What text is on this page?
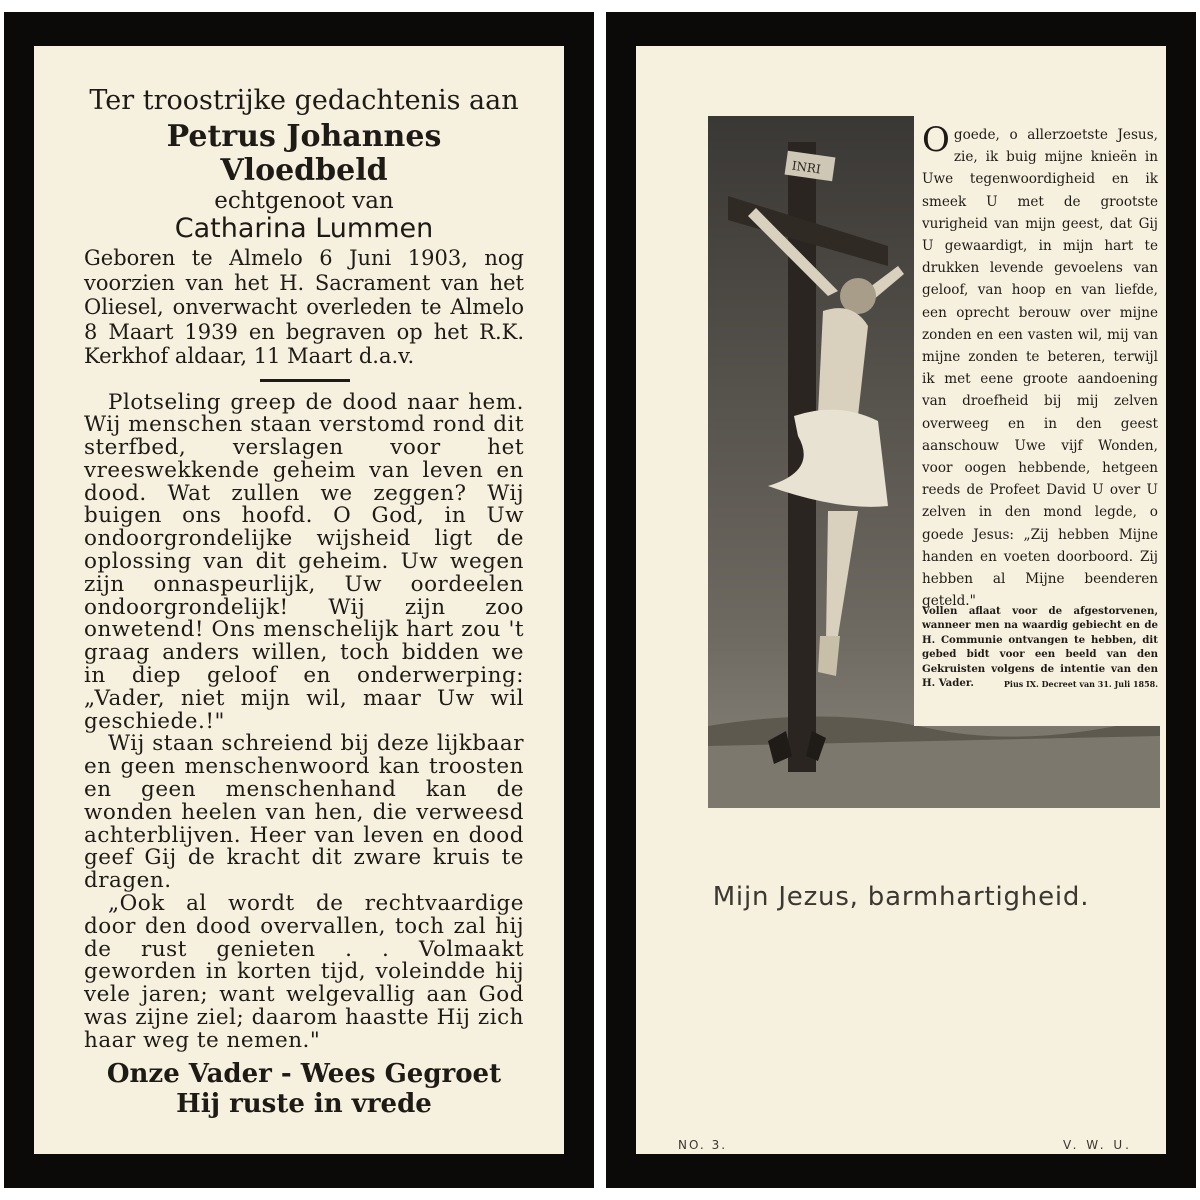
Ter troostrijke gedachtenis aan

Petrus Johannes Vloedbeld

echtgenoot van

Catharina Lummen

Geboren te Almelo 6 Juni 1903, nog voorzien van het H. Sacrament van het Oliesel, onverwacht overleden te Almelo 8 Maart 1939 en begraven op het R.K. Kerkhof aldaar, 11 Maart d.a.v.

Plotseling greep de dood naar hem. Wij menschen staan verstomd rond dit sterfbed, verslagen voor het vreeswekkende geheim van leven en dood. Wat zullen we zeggen? Wij buigen ons hoofd. O God, in Uw ondoorgrondelijke wijsheid ligt de oplossing van dit geheim. Uw wegen zijn onnaspeurlijk, Uw oordeelen ondoorgrondelijk! Wij zijn zoo onwetend! Ons menschelijk hart zou 't graag anders willen, toch bidden we in diep geloof en onderwerping: „Vader, niet mijn wil, maar Uw wil geschiede.!"

Wij staan schreiend bij deze lijkbaar en geen menschenwoord kan troosten en geen menschenhand kan de wonden heelen van hen, die verweesd achterblijven. Heer van leven en dood geef Gij de kracht dit zware kruis te dragen.

„Ook al wordt de rechtvaardige door den dood overvallen, toch zal hij de rust genieten . . Volmaakt geworden in korten tijd, voleindde hij vele jaren; want welgevallig aan God was zijne ziel; daarom haastte Hij zich haar weg te nemen."

Onze Vader - Wees Gegroet

Hij ruste in vrede

INRI

Ogoede, o allerzoetste Jesus, zie, ik buig mijne knieën in Uwe tegenwoordigheid en ik smeek U met de grootste vurigheid van mijn geest, dat Gij U gewaardigt, in mijn hart te drukken levende gevoelens van geloof, van hoop en van liefde, een oprecht berouw over mijne zonden en een vasten wil, mij van mijne zonden te beteren, terwijl ik met eene groote aandoening van droefheid bij mij zelven overweeg en in den geest aanschouw Uwe vijf Wonden, voor oogen hebbende, hetgeen reeds de Profeet David U over U zelven in den mond legde, o goede Jesus: „Zij hebben Mijne handen en voeten doorboord. Zij hebben al Mijne beenderen geteld."

Vollen aflaat voor de afgestorvenen, wanneer men na waardig gebiecht en de H. Communie ontvangen te hebben, dit gebed bidt voor een beeld van den Gekruisten volgens de intentie van den H. Vader.	Pius IX. Decreet van 31. Juli 1858.

Mijn Jezus, barmhartigheid.
NO. 3.	V. W. U.
